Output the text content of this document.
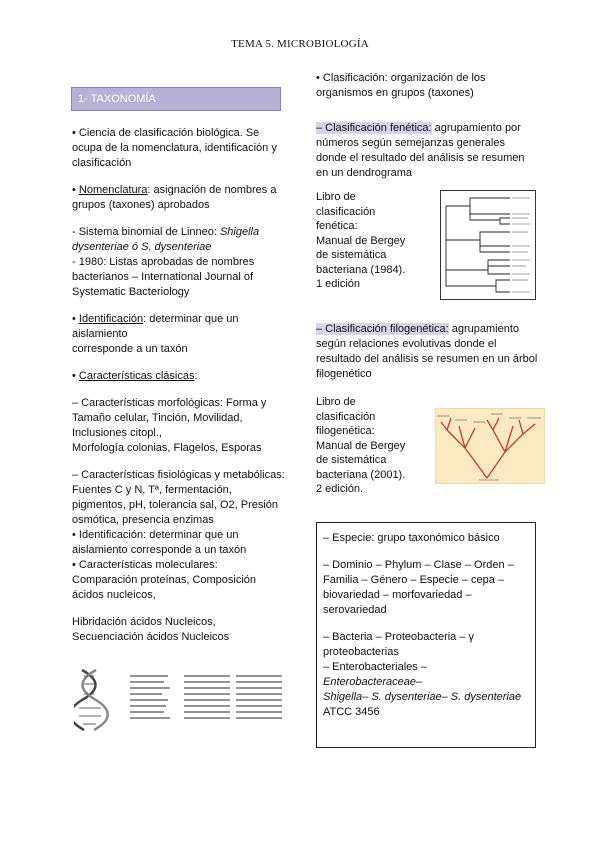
TEMA 5. MICROBIOLOGÍA
1- TAXONOMÍA

• Ciencia de clasificación biológica. Se ocupa de la nomenclatura, identificación y clasificación

• Nomenclatura: asignación de nombres a grupos (taxones) aprobados

- Sistema binomial de Linneo: Shigella dysenteriae ó S. dysenteriae

- 1980: Listas aprobadas de nombres bacterianos – International Journal of Systematic Bacteriology

• Identificación: determinar que un aislamiento

corresponde a un taxón

• Características clásicas:

– Características morfológicas: Forma y Tamaño celular, Tinción, Movilidad, Inclusiones citopl.,

Morfología colonias, Flagelos, Esporas

– Características fisiológicas y metabólicas:

Fuentes C y N, Tª, fermentación, pigmentos, pH, tolerancia sal, O2, Presión osmótica, presencia enzimas

• Identificación: determinar que un aislamiento corresponde a un taxón

• Características moleculares:

Comparación proteínas, Composición ácidos nucleicos,

Hibridación ácidos Nucleicos,

Secuenciación ácidos Nucleicos

• Clasificación: organización de los organismos en grupos (taxones)

– Clasificación fenética: agrupamiento por números según semejanzas generales donde el resultado del análisis se resumen en un dendrograma

Libro de

clasificación

fenética:

Manual de Bergey

de sistemática

bacteriana (1984).

1 edición

– Clasificación filogenética: agrupamiento según relaciones evolutivas donde el resultado del análisis se resumen en un árbol filogenético

Libro de

clasificación

filogenética:

Manual de Bergey

de sistemática

bacteriana (2001).

2 edición.

– Especie: grupo taxonómico básico

– Dominio – Phylum – Clase – Orden – Familia – Género – Especie – cepa – biovariedad – morfovariedad – serovariedad

– Bacteria – Proteobacteria – γ proteobacterias

– Enterobacteriales –

Enterobacteraceae–

Shigella– S. dysenteriae– S. dysenteriae

ATCC 3456
